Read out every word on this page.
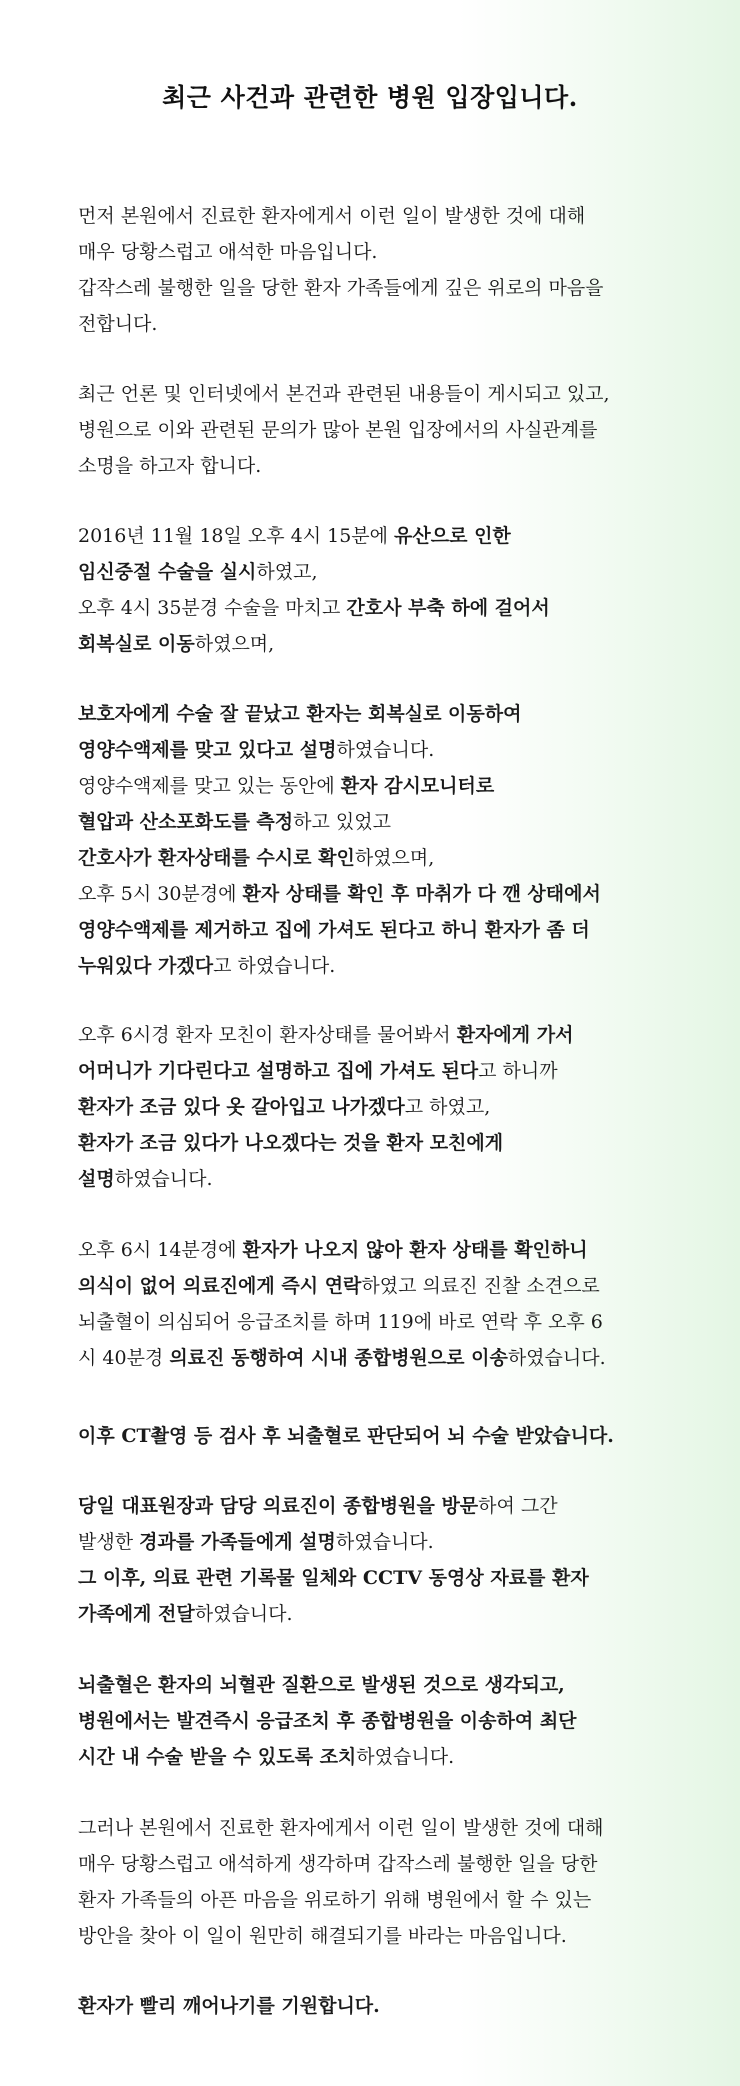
최근 사건과 관련한 병원 입장입니다.
먼저 본원에서 진료한 환자에게서 이런 일이 발생한 것에 대해
매우 당황스럽고 애석한 마음입니다.
갑작스레 불행한 일을 당한 환자 가족들에게 깊은 위로의 마음을
전합니다.
최근 언론 및 인터넷에서 본건과 관련된 내용들이 게시되고 있고,
병원으로 이와 관련된 문의가 많아 본원 입장에서의 사실관계를
소명을 하고자 합니다.
2016년 11월 18일 오후 4시 15분에 유산으로 인한
임신중절 수술을 실시하였고,
오후 4시 35분경 수술을 마치고 간호사 부축 하에 걸어서
회복실로 이동하였으며,
보호자에게 수술 잘 끝났고 환자는 회복실로 이동하여
영양수액제를 맞고 있다고 설명하였습니다.
영양수액제를 맞고 있는 동안에 환자 감시모니터로
혈압과 산소포화도를 측정하고 있었고
간호사가 환자상태를 수시로 확인하였으며,
오후 5시 30분경에 환자 상태를 확인 후 마취가 다 깬 상태에서
영양수액제를 제거하고 집에 가셔도 된다고 하니 환자가 좀 더
누워있다 가겠다고 하였습니다.
오후 6시경 환자 모친이 환자상태를 물어봐서 환자에게 가서
어머니가 기다린다고 설명하고 집에 가셔도 된다고 하니까
환자가 조금 있다 옷 갈아입고 나가겠다고 하였고,
환자가 조금 있다가 나오겠다는 것을 환자 모친에게
설명하였습니다.
오후 6시 14분경에 환자가 나오지 않아 환자 상태를 확인하니
의식이 없어 의료진에게 즉시 연락하였고 의료진 진찰 소견으로
뇌출혈이 의심되어 응급조치를 하며 119에 바로 연락 후 오후 6
시 40분경 의료진 동행하여 시내 종합병원으로 이송하였습니다.
이후 CT촬영 등 검사 후 뇌출혈로 판단되어 뇌 수술 받았습니다.
당일 대표원장과 담당 의료진이 종합병원을 방문하여 그간
발생한 경과를 가족들에게 설명하였습니다.
그 이후, 의료 관련 기록물 일체와 CCTV 동영상 자료를 환자
가족에게 전달하였습니다.
뇌출혈은 환자의 뇌혈관 질환으로 발생된 것으로 생각되고,
병원에서는 발견즉시 응급조치 후 종합병원을 이송하여 최단
시간 내 수술 받을 수 있도록 조치하였습니다.
그러나 본원에서 진료한 환자에게서 이런 일이 발생한 것에 대해
매우 당황스럽고 애석하게 생각하며 갑작스레 불행한 일을 당한
환자 가족들의 아픈 마음을 위로하기 위해 병원에서 할 수 있는
방안을 찾아 이 일이 원만히 해결되기를 바라는 마음입니다.
환자가 빨리 깨어나기를 기원합니다.
